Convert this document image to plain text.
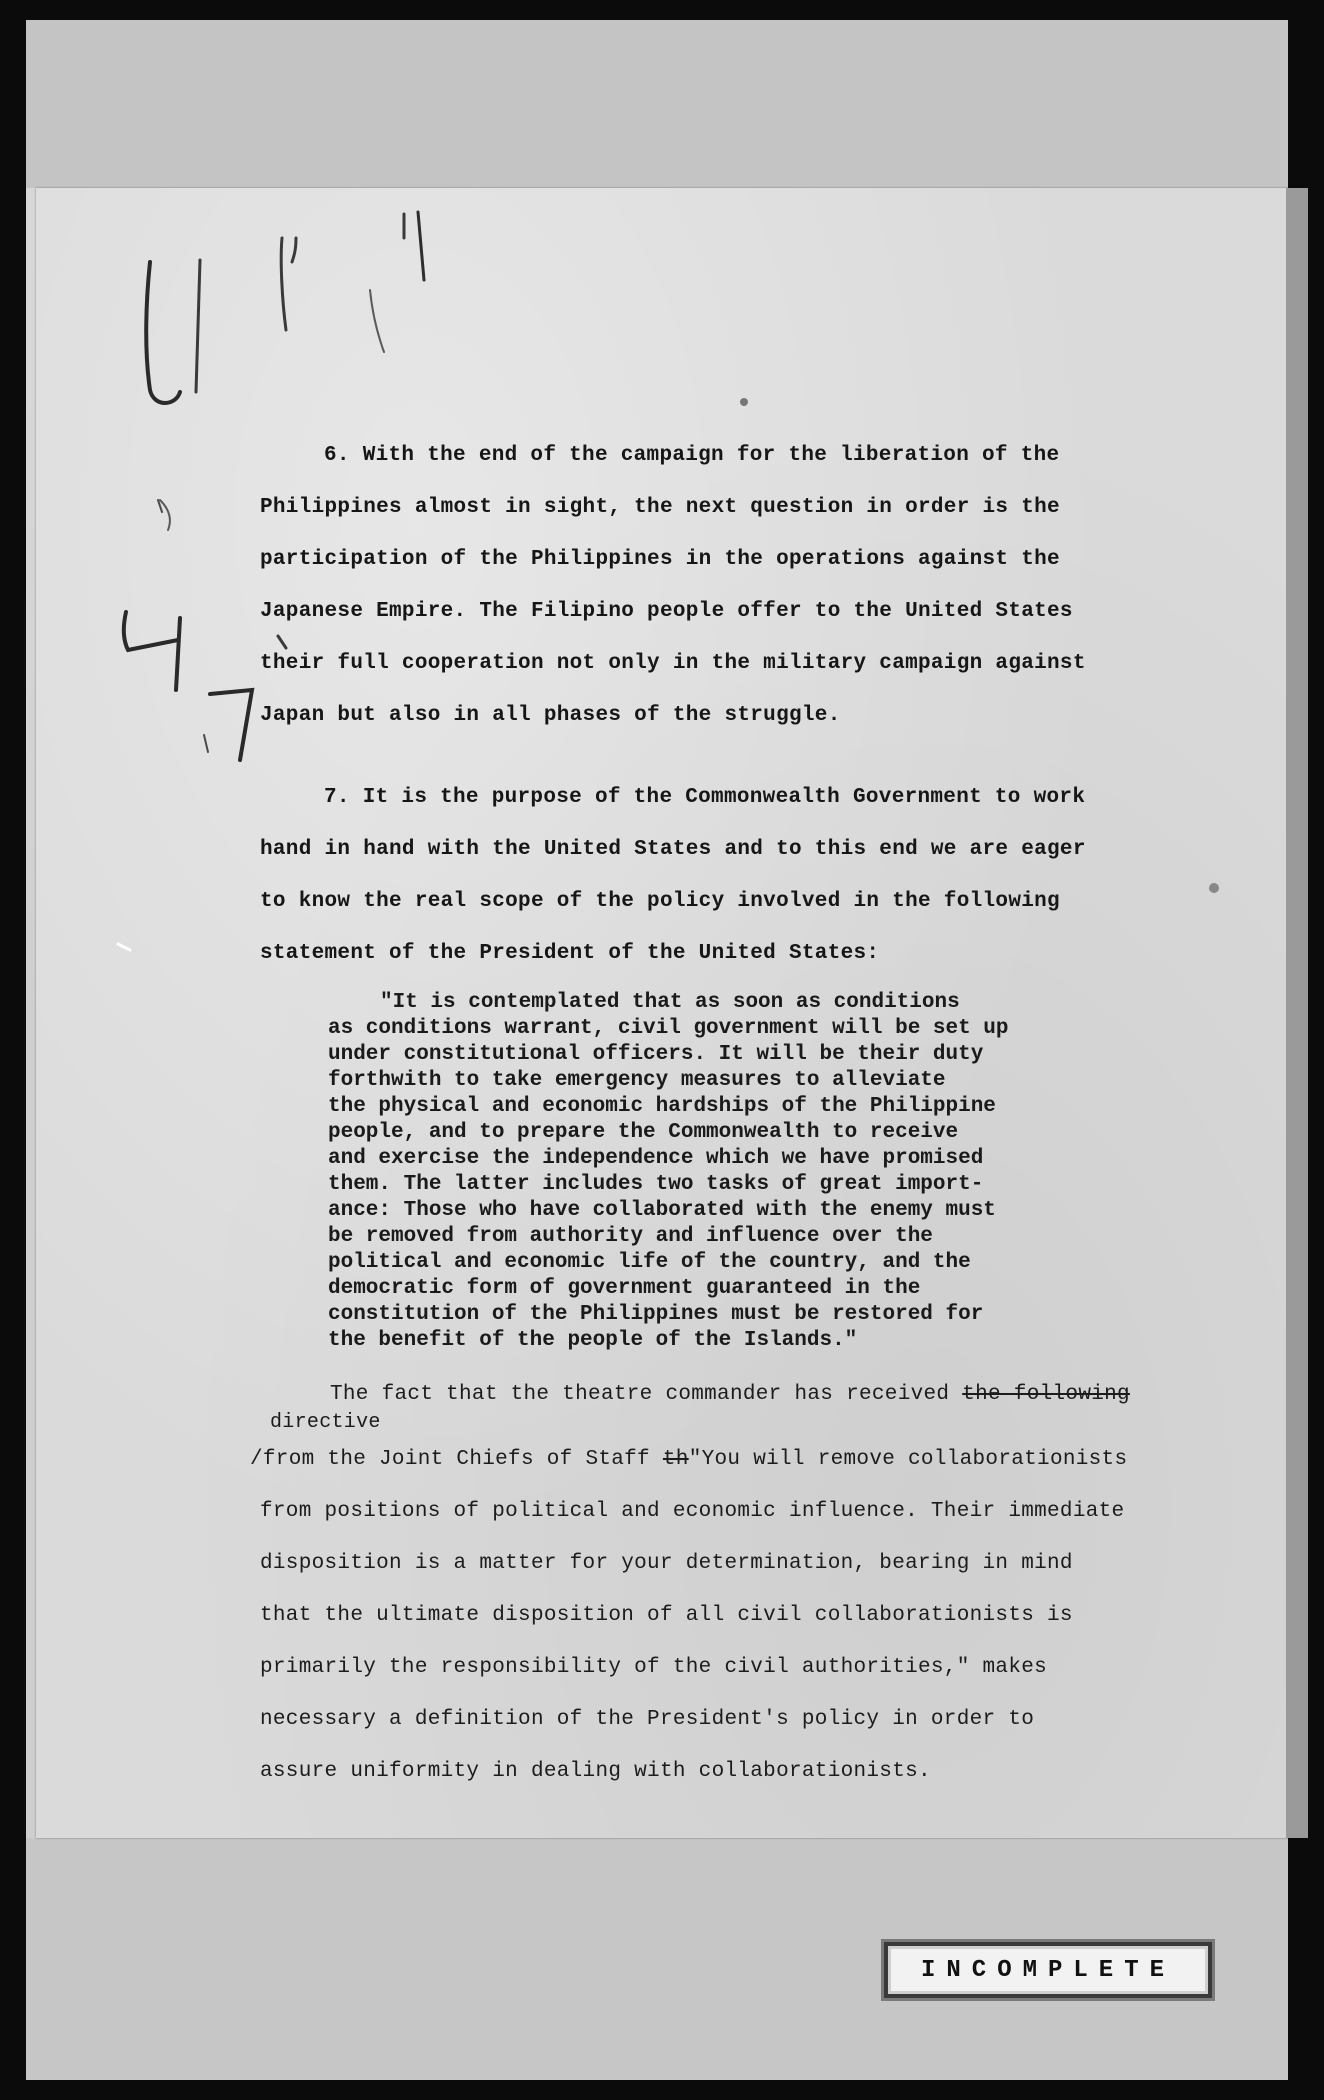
6. With the end of the campaign for the liberation of the
Philippines almost in sight, the next question in order is the
participation of the Philippines in the operations against the
Japanese Empire. The Filipino people offer to the United States
their full cooperation not only in the military campaign against
Japan but also in all phases of the struggle.
7. It is the purpose of the Commonwealth Government to work
hand in hand with the United States and to this end we are eager
to know the real scope of the policy involved in the following
statement of the President of the United States:
"It is contemplated that as soon as conditions
as conditions warrant, civil government will be set up
under constitutional officers. It will be their duty
forthwith to take emergency measures to alleviate
the physical and economic hardships of the Philippine
people, and to prepare the Commonwealth to receive
and exercise the independence which we have promised
them. The latter includes two tasks of great import-
ance: Those who have collaborated with the enemy must
be removed from authority and influence over the
political and economic life of the country, and the
democratic form of government guaranteed in the
constitution of the Philippines must be restored for
the benefit of the people of the Islands."
The fact that the theatre commander has received the following
directive
/from the Joint Chiefs of Staff th"You will remove collaborationists
from positions of political and economic influence. Their immediate
disposition is a matter for your determination, bearing in mind
that the ultimate disposition of all civil collaborationists is
primarily the responsibility of the civil authorities," makes
necessary a definition of the President's policy in order to
assure uniformity in dealing with collaborationists.
INCOMPLETE
